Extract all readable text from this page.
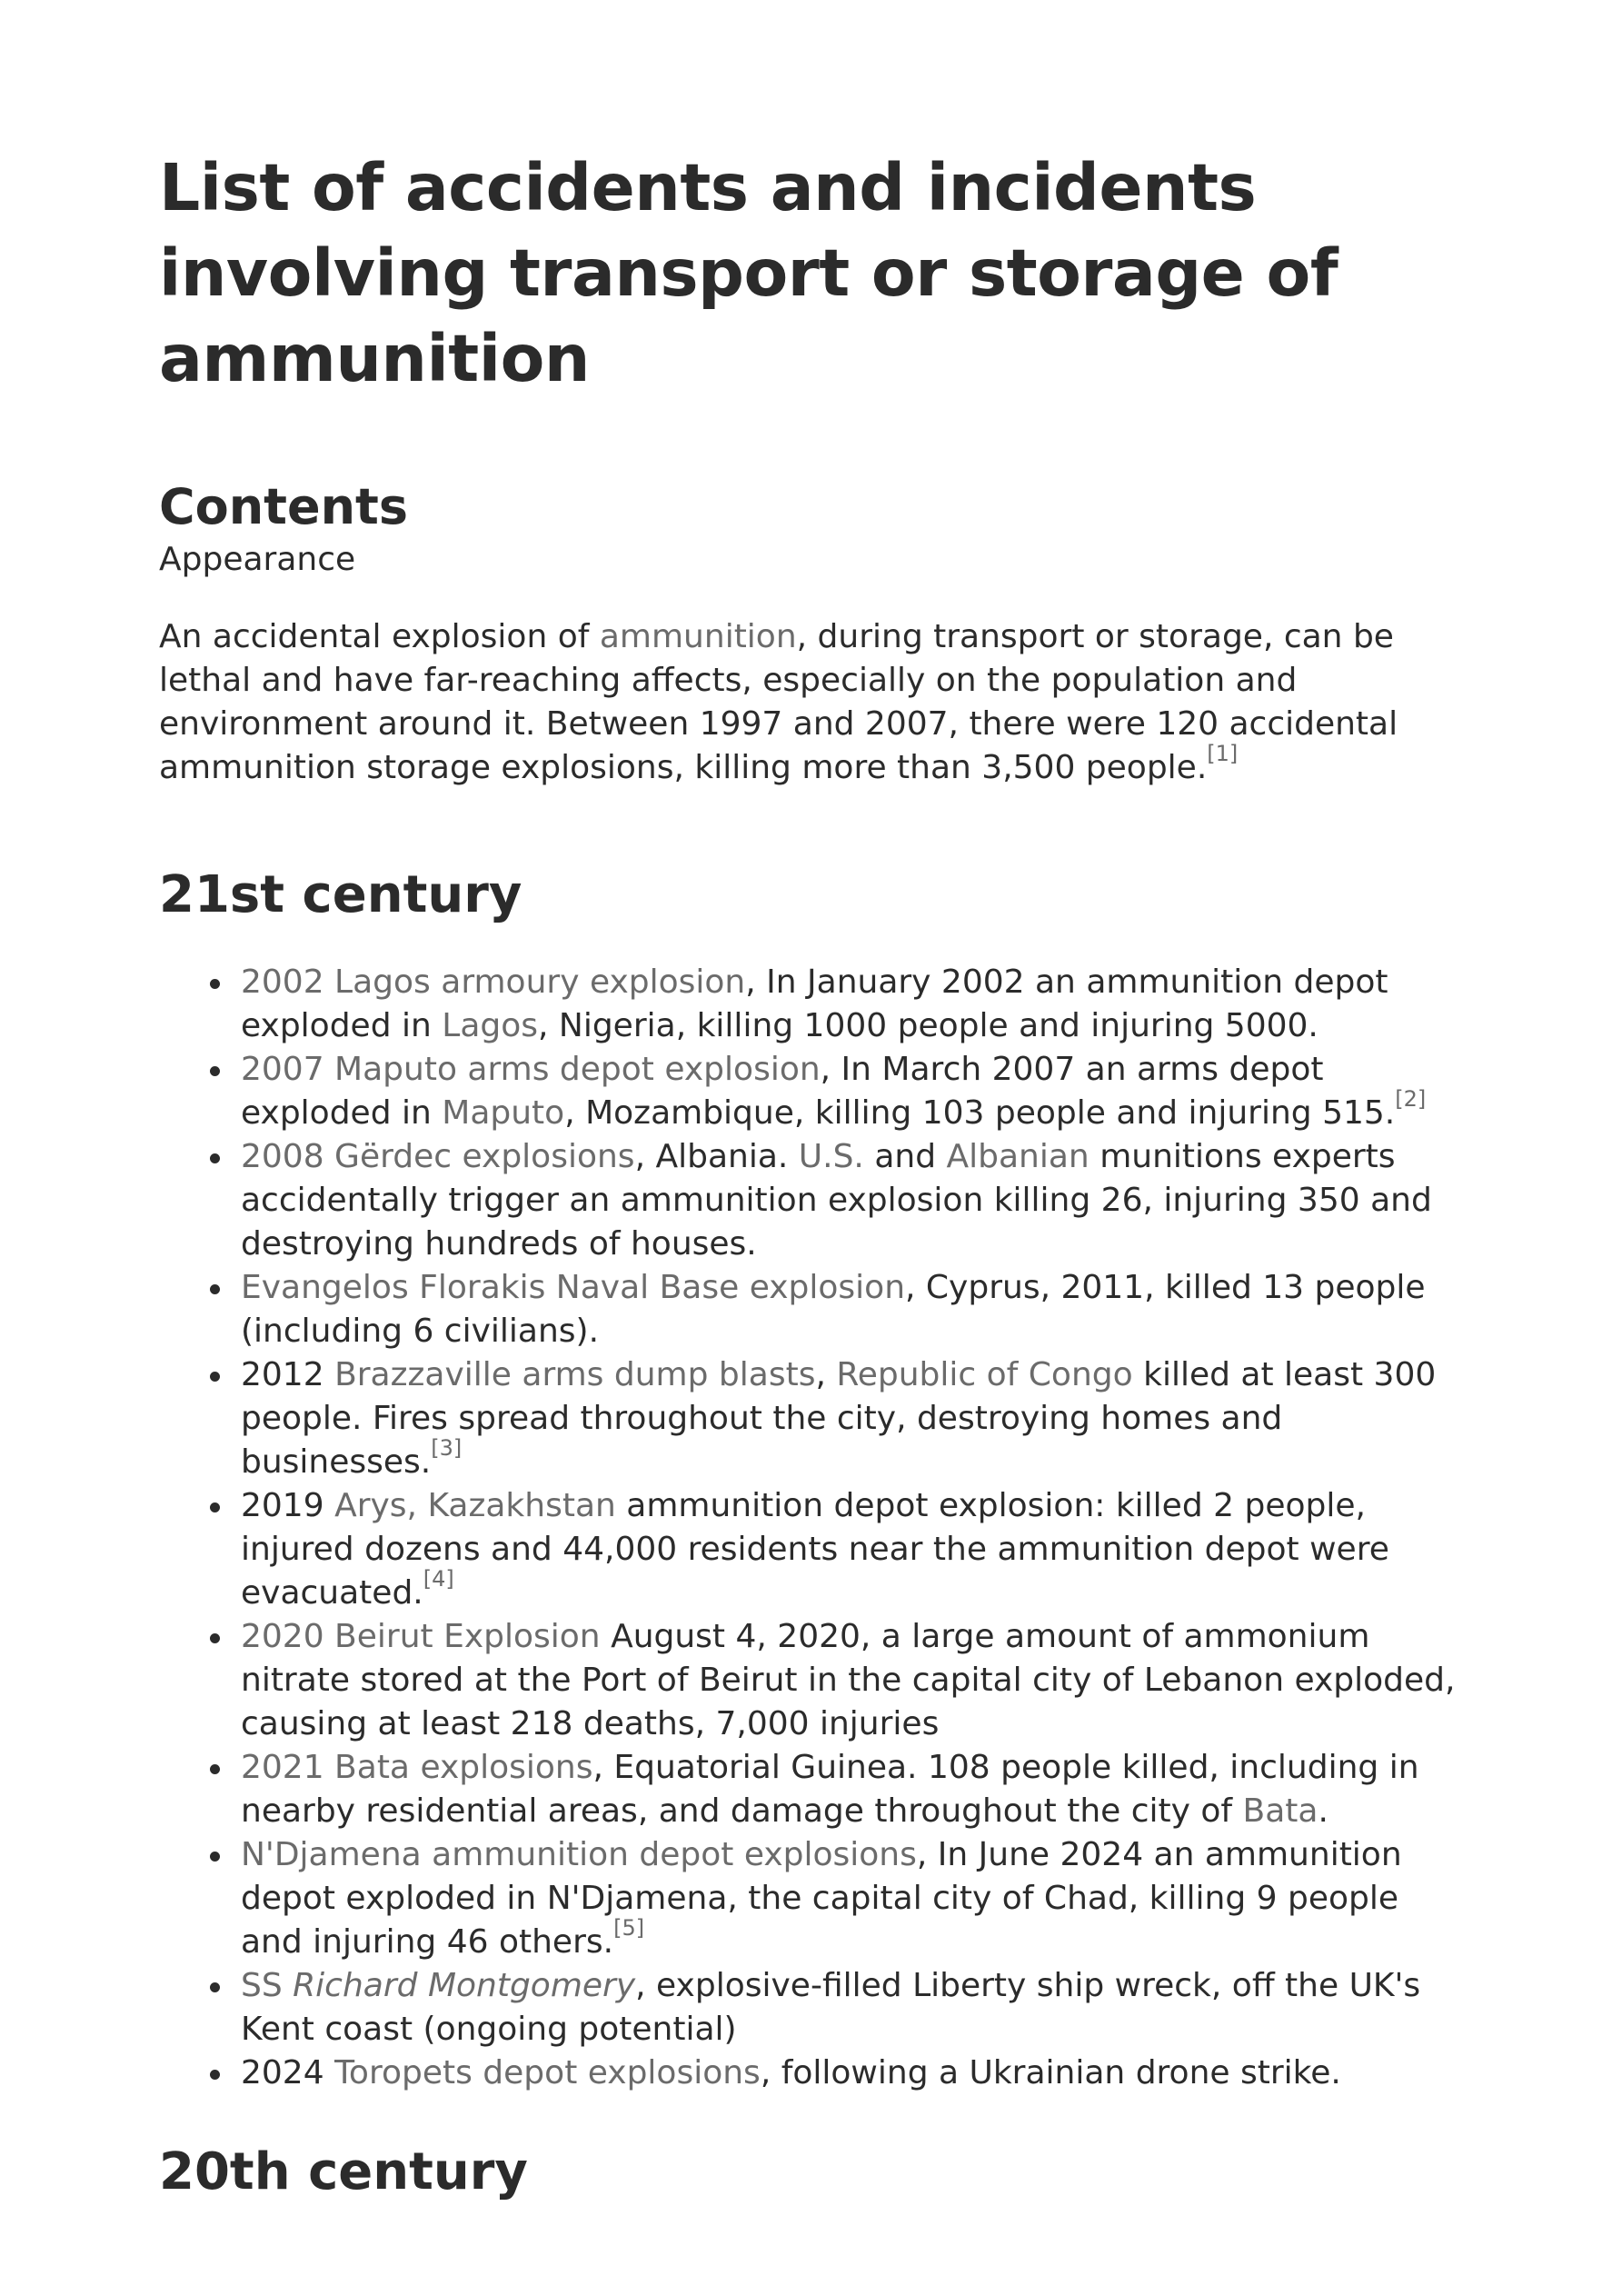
List of accidents and incidents involving transport or storage of ammunition
Contents
Appearance

An accidental explosion of ammunition, during transport or storage, can be lethal and have far-reaching affects, especially on the population and environment around it. Between 1997 and 2007, there were 120 accidental ammunition storage explosions, killing more than 3,500 people.[1]

21st century
2002 Lagos armoury explosion, In January 2002 an ammunition depot exploded in Lagos, Nigeria, killing 1000 people and injuring 5000.
2007 Maputo arms depot explosion, In March 2007 an arms depot exploded in Maputo, Mozambique, killing 103 people and injuring 515.[2]
2008 Gërdec explosions, Albania. U.S. and Albanian munitions experts accidentally trigger an ammunition explosion killing 26, injuring 350 and destroying hundreds of houses.
Evangelos Florakis Naval Base explosion, Cyprus, 2011, killed 13 people (including 6 civilians).
2012 Brazzaville arms dump blasts, Republic of Congo killed at least 300 people. Fires spread throughout the city, destroying homes and businesses.[3]
2019 Arys, Kazakhstan ammunition depot explosion: killed 2 people, injured dozens and 44,000 residents near the ammunition depot were evacuated.[4]
2020 Beirut Explosion August 4, 2020, a large amount of ammonium nitrate stored at the Port of Beirut in the capital city of Lebanon exploded, causing at least 218 deaths, 7,000 injuries
2021 Bata explosions, Equatorial Guinea. 108 people killed, including in nearby residential areas, and damage throughout the city of Bata.
N'Djamena ammunition depot explosions, In June 2024 an ammunition depot exploded in N'Djamena, the capital city of Chad, killing 9 people and injuring 46 others.[5]
SS Richard Montgomery, explosive-filled Liberty ship wreck, off the UK's Kent coast (ongoing potential)
2024 Toropets depot explosions, following a Ukrainian drone strike.
20th century
